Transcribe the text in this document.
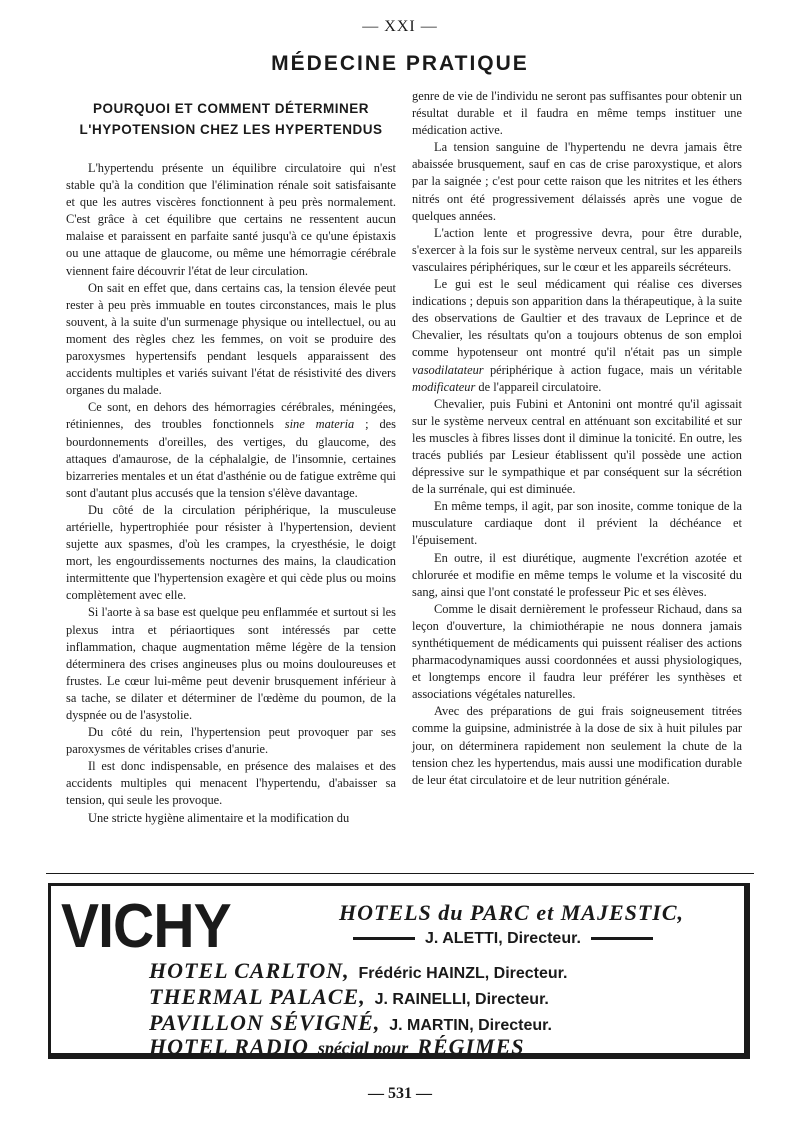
— XXI —
MÉDECINE PRATIQUE
POURQUOI ET COMMENT DÉTERMINER
L'HYPOTENSION CHEZ LES HYPERTENDUS

L'hypertendu présente un équilibre circulatoire qui n'est stable qu'à la condition que l'élimination rénale soit satisfaisante et que les autres viscères fonctionnent à peu près normalement. C'est grâce à cet équilibre que certains ne ressentent aucun malaise et paraissent en parfaite santé jusqu'à ce qu'une épistaxis ou une attaque de glaucome, ou même une hémorragie cérébrale viennent faire découvrir l'état de leur circulation.

On sait en effet que, dans certains cas, la tension élevée peut rester à peu près immuable en toutes circonstances, mais le plus souvent, à la suite d'un surmenage physique ou intellectuel, ou au moment des règles chez les femmes, on voit se produire des paroxysmes hypertensifs pendant lesquels apparaissent des accidents multiples et variés suivant l'état de résistivité des divers organes du malade.

Ce sont, en dehors des hémorragies cérébrales, méningées, rétiniennes, des troubles fonctionnels sine materia ; des bourdonnements d'oreilles, des vertiges, du glaucome, des attaques d'amaurose, de la céphalalgie, de l'insomnie, certaines bizarreries mentales et un état d'asthénie ou de fatigue extrême qui sont d'autant plus accusés que la tension s'élève davantage.

Du côté de la circulation périphérique, la musculeuse artérielle, hypertrophiée pour résister à l'hypertension, devient sujette aux spasmes, d'où les crampes, la cryesthésie, le doigt mort, les engourdissements nocturnes des mains, la claudication intermittente que l'hypertension exagère et qui cède plus ou moins complètement avec elle.

Si l'aorte à sa base est quelque peu enflammée et surtout si les plexus intra et périaortiques sont intéressés par cette inflammation, chaque augmentation même légère de la tension déterminera des crises angineuses plus ou moins douloureuses et frustes. Le cœur lui-même peut devenir brusquement inférieur à sa tache, se dilater et déterminer de l'œdème du poumon, de la dyspnée ou de l'asystolie.

Du côté du rein, l'hypertension peut provoquer par ses paroxysmes de véritables crises d'anurie.

Il est donc indispensable, en présence des malaises et des accidents multiples qui menacent l'hypertendu, d'abaisser sa tension, qui seule les provoque.

Une stricte hygiène alimentaire et la modification du

genre de vie de l'individu ne seront pas suffisantes pour obtenir un résultat durable et il faudra en même temps instituer une médication active.

La tension sanguine de l'hypertendu ne devra jamais être abaissée brusquement, sauf en cas de crise paroxystique, et alors par la saignée ; c'est pour cette raison que les nitrites et les éthers nitrés ont été progressivement délaissés après une vogue de quelques années.

L'action lente et progressive devra, pour être durable, s'exercer à la fois sur le système nerveux central, sur les appareils vasculaires périphériques, sur le cœur et les appareils sécréteurs.

Le gui est le seul médicament qui réalise ces diverses indications ; depuis son apparition dans la thérapeutique, à la suite des observations de Gaultier et des travaux de Leprince et de Chevalier, les résultats qu'on a toujours obtenus de son emploi comme hypotenseur ont montré qu'il n'était pas un simple vasodilatateur périphérique à action fugace, mais un véritable modificateur de l'appareil circulatoire.

Chevalier, puis Fubini et Antonini ont montré qu'il agissait sur le système nerveux central en atténuant son excitabilité et sur les muscles à fibres lisses dont il diminue la tonicité. En outre, les tracés publiés par Lesieur établissent qu'il possède une action dépressive sur le sympathique et par conséquent sur la sécrétion de la surrénale, qui est diminuée.

En même temps, il agit, par son inosite, comme tonique de la musculature cardiaque dont il prévient la déchéance et l'épuisement.

En outre, il est diurétique, augmente l'excrétion azotée et chlorurée et modifie en même temps le volume et la viscosité du sang, ainsi que l'ont constaté le professeur Pic et ses élèves.

Comme le disait dernièrement le professeur Richaud, dans sa leçon d'ouverture, la chimiothérapie ne nous donnera jamais synthétiquement de médicaments qui puissent réaliser des actions pharmacodynamiques aussi coordonnées et aussi physiologiques, et longtemps encore il faudra leur préférer les synthèses et associations végétales naturelles.

Avec des préparations de gui frais soigneusement titrées comme la guipsine, administrée à la dose de six à huit pilules par jour, on déterminera rapidement non seulement la chute de la tension chez les hypertendus, mais aussi une modification durable de leur état circulatoire et de leur nutrition générale.

VICHY	HOTELS du PARC et MAJESTIC,
J. ALETTI, Directeur.
HOTEL CARLTON, Frédéric HAINZL, Directeur.
THERMAL PALACE, J. RAINELLI, Directeur.
PAVILLON SÉVIGNÉ, J. MARTIN, Directeur.
HOTEL RADIO spécial pour RÉGIMES
— 531 —
